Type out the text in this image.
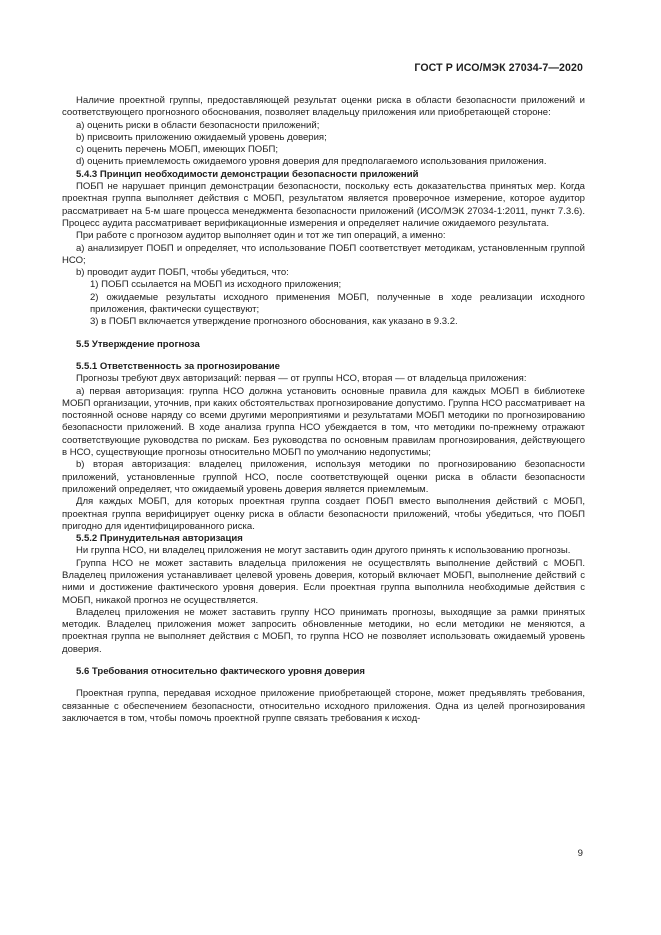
ГОСТ Р ИСО/МЭК 27034-7—2020

Наличие проектной группы, предоставляющей результат оценки риска в области безопасности приложений и соответствующего прогнозного обоснования, позволяет владельцу приложения или приобретающей стороне:

а) оценить риски в области безопасности приложений;

b) присвоить приложению ожидаемый уровень доверия;

c) оценить перечень МОБП, имеющих ПОБП;

d) оценить приемлемость ожидаемого уровня доверия для предполагаемого использования приложения.

5.4.3 Принцип необходимости демонстрации безопасности приложений

ПОБП не нарушает принцип демонстрации безопасности, поскольку есть доказательства принятых мер. Когда проектная группа выполняет действия с МОБП, результатом является проверочное измерение, которое аудитор рассматривает на 5-м шаге процесса менеджмента безопасности приложений (ИСО/МЭК 27034-1:2011, пункт 7.3.6). Процесс аудита рассматривает верификационные измерения и определяет наличие ожидаемого результата.

При работе с прогнозом аудитор выполняет один и тот же тип операций, а именно:

а) анализирует ПОБП и определяет, что использование ПОБП соответствует методикам, установленным группой НСО;

b) проводит аудит ПОБП, чтобы убедиться, что:

1) ПОБП ссылается на МОБП из исходного приложения;

2) ожидаемые результаты исходного применения МОБП, полученные в ходе реализации исходного приложения, фактически существуют;

3) в ПОБП включается утверждение прогнозного обоснования, как указано в 9.3.2.

5.5 Утверждение прогноза
5.5.1 Ответственность за прогнозирование

Прогнозы требуют двух авторизаций: первая — от группы НСО, вторая — от владельца приложения:

а) первая авторизация: группа НСО должна установить основные правила для каждых МОБП в библиотеке МОБП организации, уточнив, при каких обстоятельствах прогнозирование допустимо. Группа НСО рассматривает на постоянной основе наряду со всеми другими мероприятиями и результатами МОБП методики по прогнозированию безопасности приложений. В ходе анализа группа НСО убеждается в том, что методики по-прежнему отражают соответствующие руководства по рискам. Без руководства по основным правилам прогнозирования, действующего в НСО, существующие прогнозы относительно МОБП по умолчанию недопустимы;

b) вторая авторизация: владелец приложения, используя методики по прогнозированию безопасности приложений, установленные группой НСО, после соответствующей оценки риска в области безопасности приложений определяет, что ожидаемый уровень доверия является приемлемым.

Для каждых МОБП, для которых проектная группа создает ПОБП вместо выполнения действий с МОБП, проектная группа верифицирует оценку риска в области безопасности приложений, чтобы убедиться, что ПОБП пригодно для идентифицированного риска.

5.5.2 Принудительная авторизация

Ни группа НСО, ни владелец приложения не могут заставить один другого принять к использованию прогнозы.

Группа НСО не может заставить владельца приложения не осуществлять выполнение действий с МОБП. Владелец приложения устанавливает целевой уровень доверия, который включает МОБП, выполнение действий с ними и достижение фактического уровня доверия. Если проектная группа выполнила необходимые действия с МОБП, никакой прогноз не осуществляется.

Владелец приложения не может заставить группу НСО принимать прогнозы, выходящие за рамки принятых методик. Владелец приложения может запросить обновленные методики, но если методики не меняются, а проектная группа не выполняет действия с МОБП, то группа НСО не позволяет использовать ожидаемый уровень доверия.

5.6 Требования относительно фактического уровня доверия

Проектная группа, передавая исходное приложение приобретающей стороне, может предъявлять требования, связанные с обеспечением безопасности, относительно исходного приложения. Одна из целей прогнозирования заключается в том, чтобы помочь проектной группе связать требования к исход-

9
